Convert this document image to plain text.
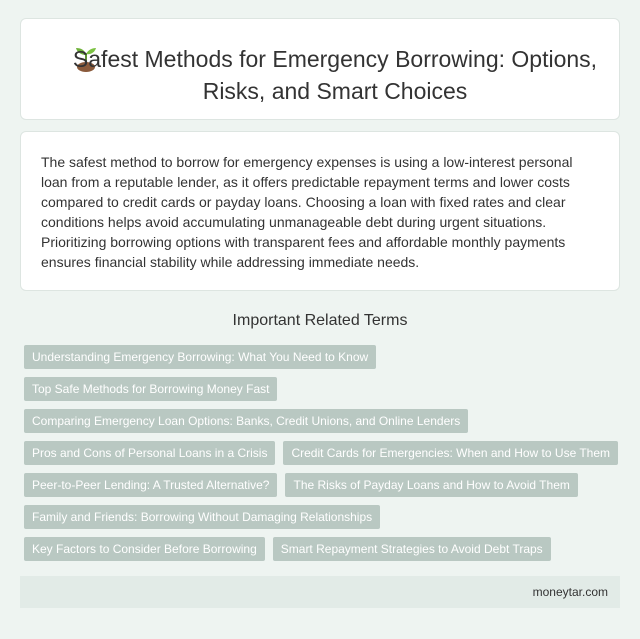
Safest Methods for Emergency Borrowing: Options, Risks, and Smart Choices

The safest method to borrow for emergency expenses is using a low-interest personal loan from a reputable lender, as it offers predictable repayment terms and lower costs compared to credit cards or payday loans. Choosing a loan with fixed rates and clear conditions helps avoid accumulating unmanageable debt during urgent situations. Prioritizing borrowing options with transparent fees and affordable monthly payments ensures financial stability while addressing immediate needs.

Important Related Terms
Understanding Emergency Borrowing: What You Need to Know
Top Safe Methods for Borrowing Money Fast
Comparing Emergency Loan Options: Banks, Credit Unions, and Online Lenders
Pros and Cons of Personal Loans in a Crisis	Credit Cards for Emergencies: When and How to Use Them
Peer-to-Peer Lending: A Trusted Alternative?	The Risks of Payday Loans and How to Avoid Them
Family and Friends: Borrowing Without Damaging Relationships
Key Factors to Consider Before Borrowing	Smart Repayment Strategies to Avoid Debt Traps
moneytar.com
